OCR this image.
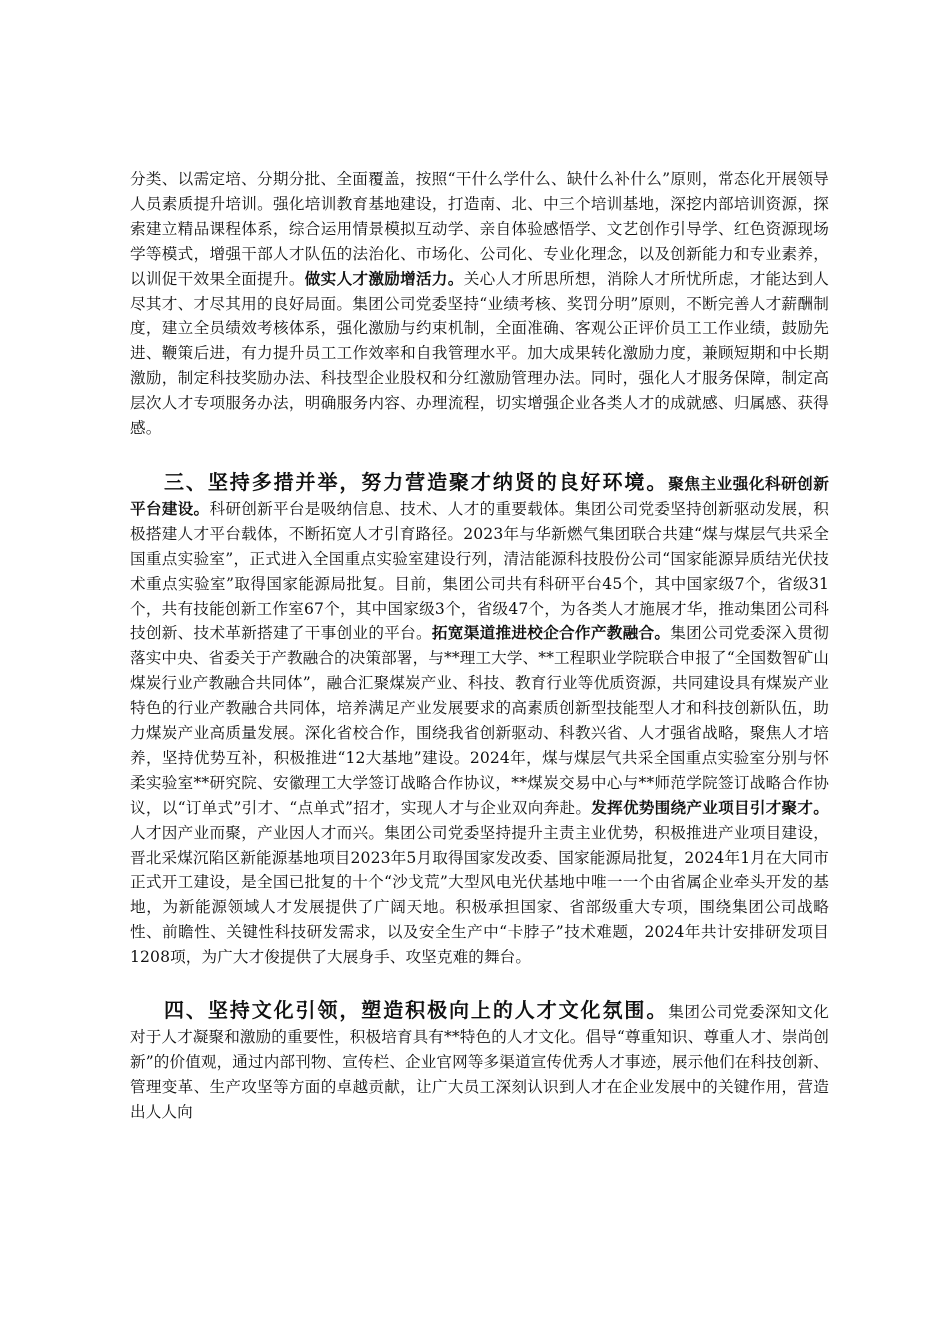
分类、以需定培、分期分批、全面覆盖，按照“干什么学什么、缺什么补什么”原则，常态化开展领导人员素质提升培训。强化培训教育基地建设，打造南、北、中三个培训基地，深挖内部培训资源，探索建立精品课程体系，综合运用情景模拟互动学、亲自体验感悟学、文艺创作引导学、红色资源现场学等模式，增强干部人才队伍的法治化、市场化、公司化、专业化理念，以及创新能力和专业素养，以训促干效果全面提升。做实人才激励增活力。关心人才所思所想，消除人才所忧所虑，才能达到人尽其才、才尽其用的良好局面。集团公司党委坚持“业绩考核、奖罚分明”原则，不断完善人才薪酬制度，建立全员绩效考核体系，强化激励与约束机制，全面准确、客观公正评价员工工作业绩，鼓励先进、鞭策后进，有力提升员工工作效率和自我管理水平。加大成果转化激励力度，兼顾短期和中长期激励，制定科技奖励办法、科技型企业股权和分红激励管理办法。同时，强化人才服务保障，制定高层次人才专项服务办法，明确服务内容、办理流程，切实增强企业各类人才的成就感、归属感、获得感。

三、坚持多措并举，努力营造聚才纳贤的良好环境。聚焦主业强化科研创新平台建设。科研创新平台是吸纳信息、技术、人才的重要载体。集团公司党委坚持创新驱动发展，积极搭建人才平台载体，不断拓宽人才引育路径。2023年与华新燃气集团联合共建“煤与煤层气共采全国重点实验室”，正式进入全国重点实验室建设行列，清洁能源科技股份公司“国家能源异质结光伏技术重点实验室”取得国家能源局批复。目前，集团公司共有科研平台45个，其中国家级7个，省级31个，共有技能创新工作室67个，其中国家级3个，省级47个，为各类人才施展才华，推动集团公司科技创新、技术革新搭建了干事创业的平台。拓宽渠道推进校企合作产教融合。集团公司党委深入贯彻落实中央、省委关于产教融合的决策部署，与**理工大学、**工程职业学院联合申报了“全国数智矿山煤炭行业产教融合共同体”，融合汇聚煤炭产业、科技、教育行业等优质资源，共同建设具有煤炭产业特色的行业产教融合共同体，培养满足产业发展要求的高素质创新型技能型人才和科技创新队伍，助力煤炭产业高质量发展。深化省校合作，围绕我省创新驱动、科教兴省、人才强省战略，聚焦人才培养，坚持优势互补，积极推进“12大基地”建设。2024年，煤与煤层气共采全国重点实验室分别与怀柔实验室**研究院、安徽理工大学签订战略合作协议，**煤炭交易中心与**师范学院签订战略合作协议，以“订单式”引才、“点单式”招才，实现人才与企业双向奔赴。发挥优势围绕产业项目引才聚才。人才因产业而聚，产业因人才而兴。集团公司党委坚持提升主责主业优势，积极推进产业项目建设，晋北采煤沉陷区新能源基地项目2023年5月取得国家发改委、国家能源局批复，2024年1月在大同市正式开工建设，是全国已批复的十个“沙戈荒”大型风电光伏基地中唯一一个由省属企业牵头开发的基地，为新能源领域人才发展提供了广阔天地。积极承担国家、省部级重大专项，围绕集团公司战略性、前瞻性、关键性科技研发需求，以及安全生产中“卡脖子”技术难题，2024年共计安排研发项目1208项，为广大才俊提供了大展身手、攻坚克难的舞台。

四、坚持文化引领，塑造积极向上的人才文化氛围。集团公司党委深知文化对于人才凝聚和激励的重要性，积极培育具有**特色的人才文化。倡导“尊重知识、尊重人才、崇尚创新”的价值观，通过内部刊物、宣传栏、企业官网等多渠道宣传优秀人才事迹，展示他们在科技创新、管理变革、生产攻坚等方面的卓越贡献，让广大员工深刻认识到人才在企业发展中的关键作用，营造出人人向
